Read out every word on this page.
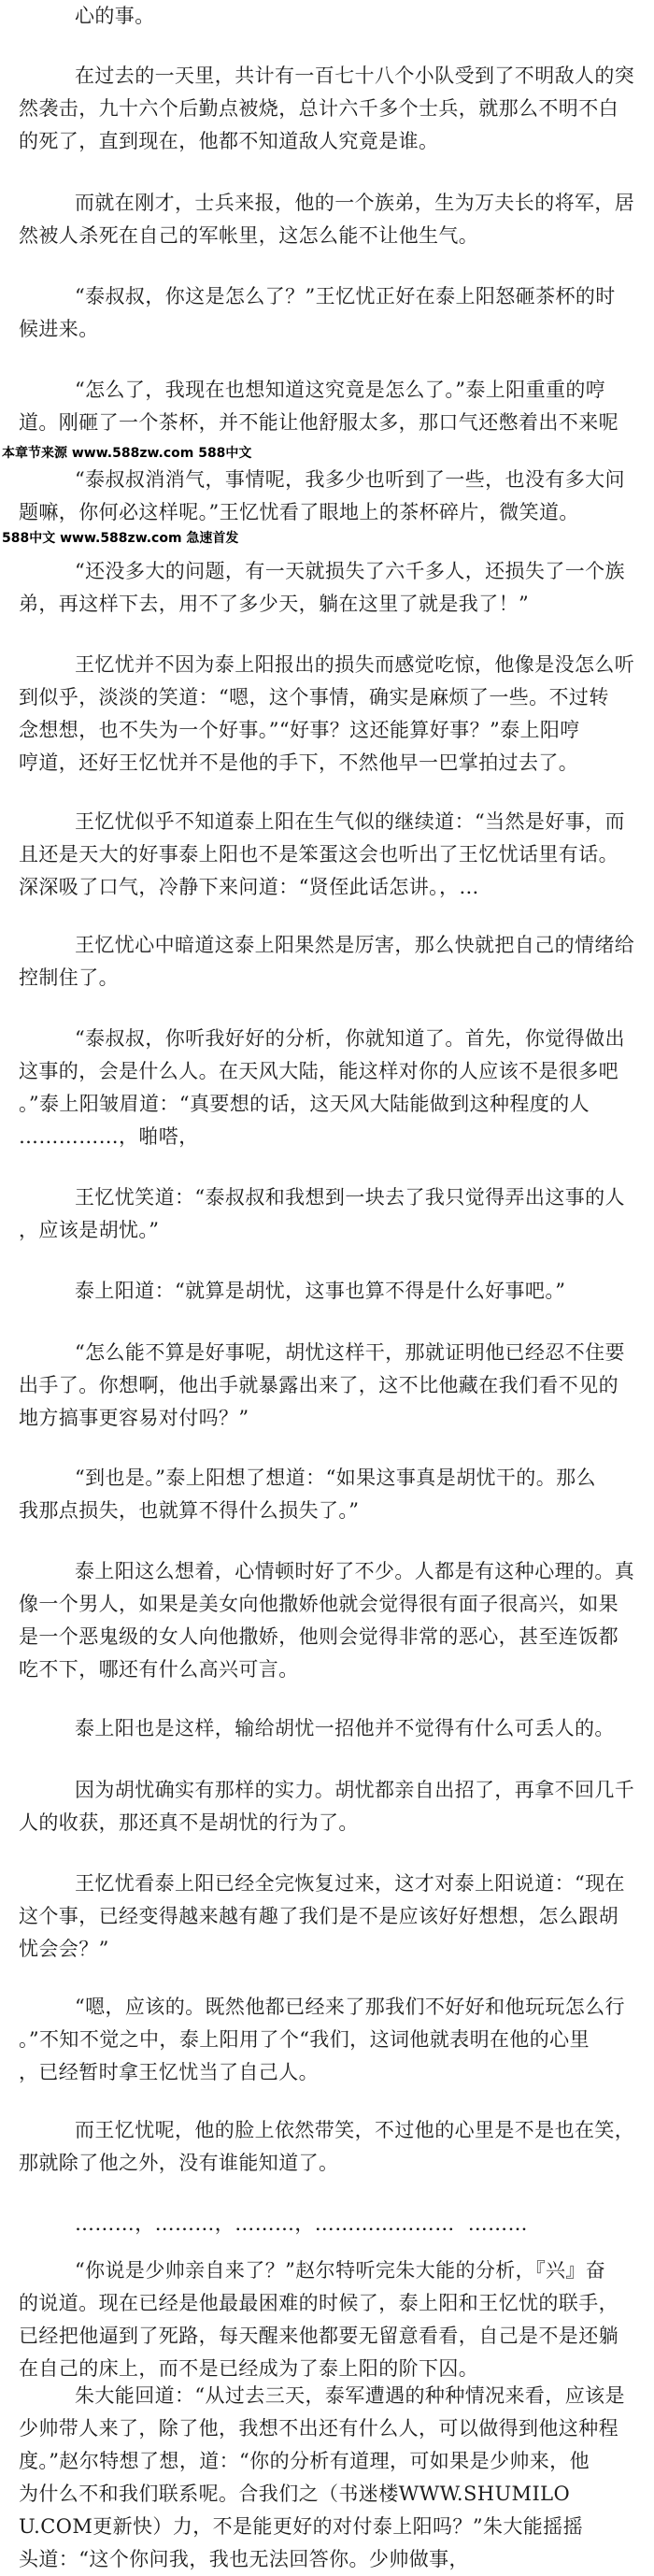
心的事。

在过去的一天里，共计有一百七十八个小队受到了不明敌人的突

然袭击，九十六个后勤点被烧，总计六千多个士兵，就那么不明不白

的死了，直到现在，他都不知道敌人究竟是谁。

而就在刚才，士兵来报，他的一个族弟，生为万夫长的将军，居

然被人杀死在自己的军帐里，这怎么能不让他生气。

“泰叔叔，你这是怎么了？”王忆忧正好在泰上阳怒砸茶杯的时

候进来。

“怎么了，我现在也想知道这究竟是怎么了。”泰上阳重重的哼

道。刚砸了一个茶杯，并不能让他舒服太多，那口气还憋着出不来呢

本章节来源 www.588zw.com 588中文

“泰叔叔消消气，事情呢，我多少也听到了一些，也没有多大问

题嘛，你何必这样呢。”王忆忧看了眼地上的茶杯碎片，微笑道。

588中文 www.588zw.com 急速首发

“还没多大的问题，有一天就损失了六千多人，还损失了一个族

弟，再这样下去，用不了多少天，躺在这里了就是我了！”

王忆忧并不因为泰上阳报出的损失而感觉吃惊，他像是没怎么听

到似乎，淡淡的笑道：“嗯，这个事情，确实是麻烦了一些。不过转

念想想，也不失为一个好事。”“好事？这还能算好事？”泰上阳哼

哼道，还好王忆忧并不是他的手下，不然他早一巴掌拍过去了。

王忆忧似乎不知道泰上阳在生气似的继续道：“当然是好事，而

且还是天大的好事泰上阳也不是笨蛋这会也听出了王忆忧话里有话。

深深吸了口气，冷静下来问道：“贤侄此话怎讲。，…

王忆忧心中暗道这泰上阳果然是厉害，那么快就把自己的情绪给

控制住了。

“泰叔叔，你听我好好的分析，你就知道了。首先，你觉得做出

这事的，会是什么人。在天风大陆，能这样对你的人应该不是很多吧

。”泰上阳皱眉道：“真要想的话，这天风大陆能做到这种程度的人

……………，啪嗒，

王忆忧笑道：“泰叔叔和我想到一块去了我只觉得弄出这事的人

，应该是胡忧。”

泰上阳道：“就算是胡忧，这事也算不得是什么好事吧。”

“怎么能不算是好事呢，胡忧这样干，那就证明他已经忍不住要

出手了。你想啊，他出手就暴露出来了，这不比他藏在我们看不见的

地方搞事更容易对付吗？”

“到也是。”泰上阳想了想道：“如果这事真是胡忧干的。那么

我那点损失，也就算不得什么损失了。”

泰上阳这么想着，心情顿时好了不少。人都是有这种心理的。真

像一个男人，如果是美女向他撒娇他就会觉得很有面子很高兴，如果

是一个恶鬼级的女人向他撒娇，他则会觉得非常的恶心，甚至连饭都

吃不下，哪还有什么高兴可言。

泰上阳也是这样，输给胡忧一招他并不觉得有什么可丢人的。

因为胡忧确实有那样的实力。胡忧都亲自出招了，再拿不回几千

人的收获，那还真不是胡忧的行为了。

王忆忧看泰上阳已经全完恢复过来，这才对泰上阳说道：“现在

这个事，已经变得越来越有趣了我们是不是应该好好想想，怎么跟胡

忧会会？”

“嗯，应该的。既然他都已经来了那我们不好好和他玩玩怎么行

。”不知不觉之中，泰上阳用了个“我们，这词他就表明在他的心里

，已经暂时拿王忆忧当了自己人。

而王忆忧呢，他的脸上依然带笑，不过他的心里是不是也在笑，

那就除了他之外，没有谁能知道了。

………，………，………，…………………  ………

“你说是少帅亲自来了？”赵尔特听完朱大能的分析，『兴』奋

的说道。现在已经是他最最困难的时候了，泰上阳和王忆忧的联手，

已经把他逼到了死路，每天醒来他都要无留意看看，自己是不是还躺

在自己的床上，而不是已经成为了泰上阳的阶下囚。

朱大能回道：“从过去三天，泰军遭遇的种种情况来看，应该是

少帅带人来了，除了他，我想不出还有什么人，可以做得到他这种程

度。”赵尔特想了想，道：“你的分析有道理，可如果是少帅来，他

为什么不和我们联系呢。合我们之（书迷楼WWW.SHUMILO

U.COM更新快）力，不是能更好的对付泰上阳吗？”朱大能摇摇

头道：“这个你问我，我也无法回答你。少帅做事，
